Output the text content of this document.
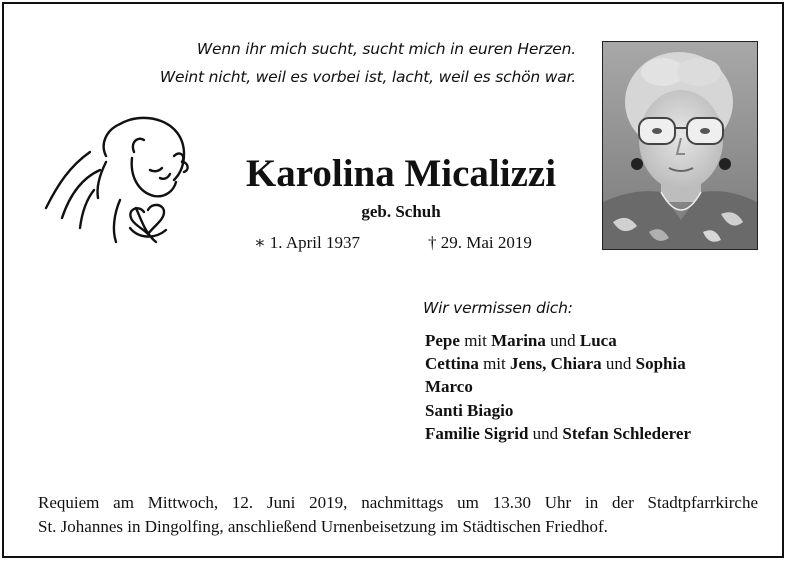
Wenn ihr mich sucht, sucht mich in euren Herzen.
Weint nicht, weil es vorbei ist, lacht, weil es schön war.
Karolina Micalizzi
geb. Schuh
∗ 1. April 1937	† 29. Mai 2019
Wir vermissen dich:
Pepe mit Marina und Luca
Cettina mit Jens, Chiara und Sophia
Marco
Santi Biagio
Familie Sigrid und Stefan Schlederer
Requiem am Mittwoch, 12. Juni 2019, nachmittags um 13.30 Uhr in der Stadtpfarrkirche
St. Johannes in Dingolfing, anschließend Urnenbeisetzung im Städtischen Friedhof.
